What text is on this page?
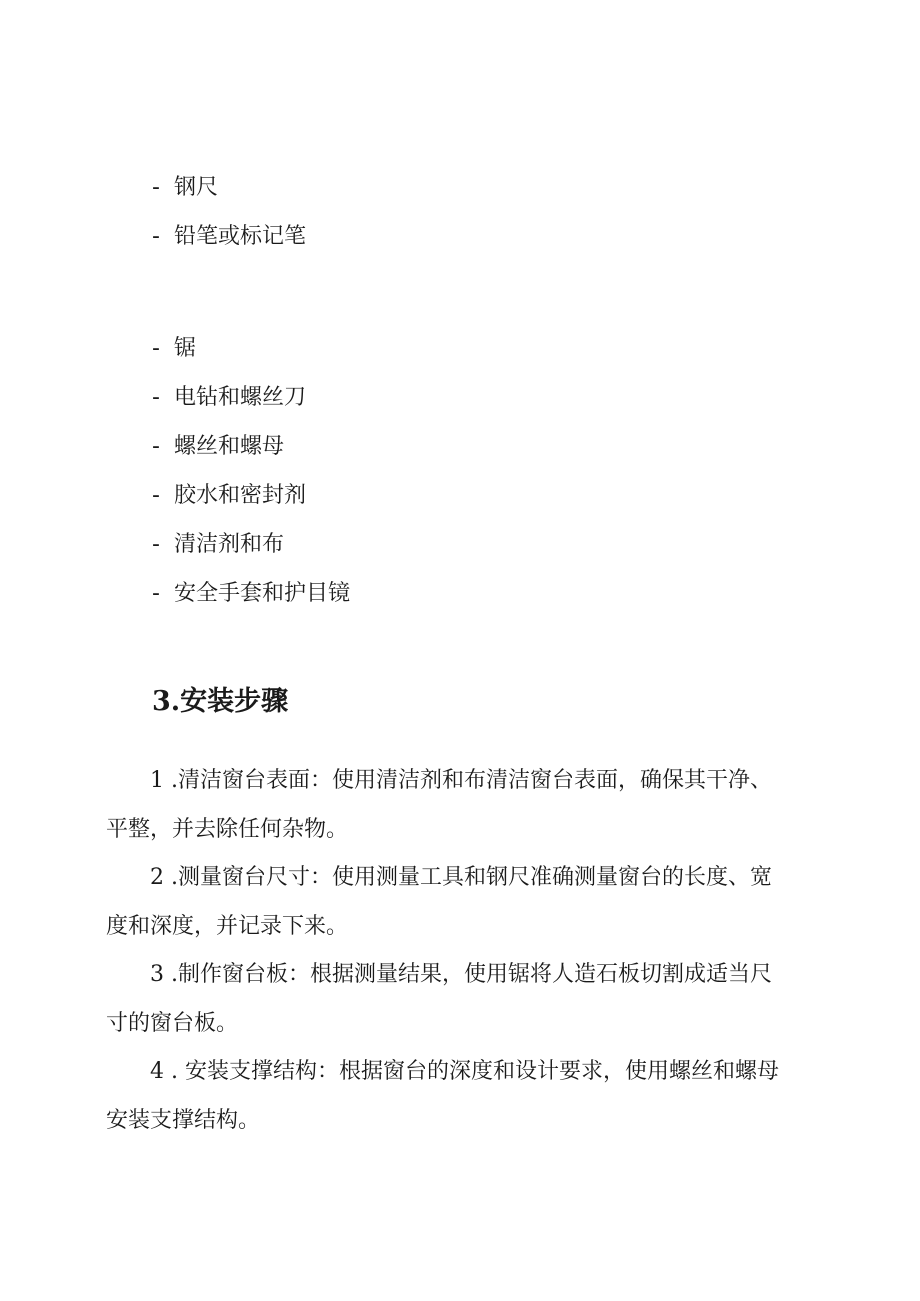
- 钢尺
- 铅笔或标记笔
- 锯
- 电钻和螺丝刀
- 螺丝和螺母
- 胶水和密封剂
- 清洁剂和布
- 安全手套和护目镜
3.安装步骤

1 .清洁窗台表面：使用清洁剂和布清洁窗台表面，确保其干净、
平整，并去除任何杂物。

2 .测量窗台尺寸：使用测量工具和钢尺准确测量窗台的长度、宽
度和深度，并记录下来。

3 .制作窗台板：根据测量结果，使用锯将人造石板切割成适当尺
寸的窗台板。

4 . 安装支撑结构：根据窗台的深度和设计要求，使用螺丝和螺母
安装支撑结构。
